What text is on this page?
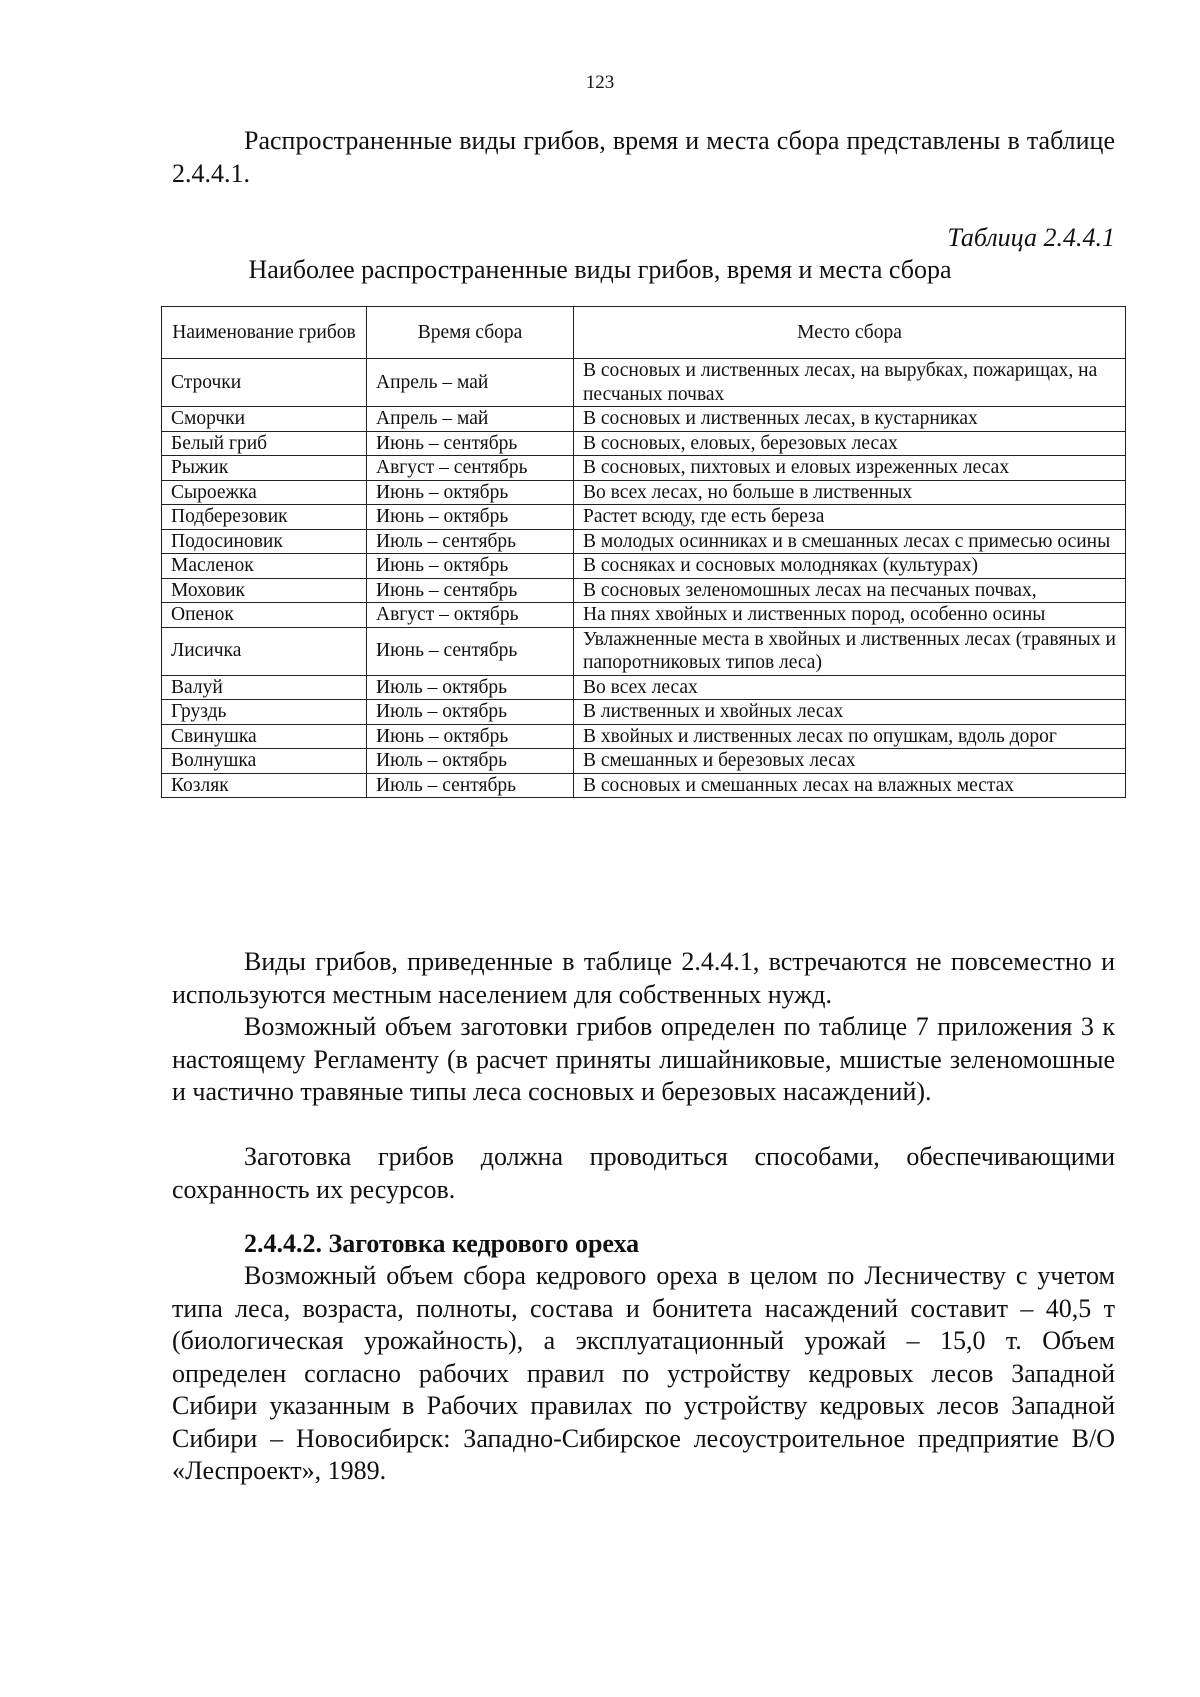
123

Распространенные виды грибов, время и места сбора представлены в таблице 2.4.4.1.

Таблица 2.4.4.1
Наиболее распространенные виды грибов, время и места сбора
Наименование грибов	Время сбора	Место сбора
Строчки	Апрель – май	В сосновых и лиственных лесах, на вырубках, пожарищах, на песчаных почвах
Сморчки	Апрель – май	В сосновых и лиственных лесах, в кустарниках
Белый гриб	Июнь – сентябрь	В сосновых, еловых, березовых лесах
Рыжик	Август – сентябрь	В сосновых, пихтовых и еловых изреженных лесах
Сыроежка	Июнь – октябрь	Во всех лесах, но больше в лиственных
Подберезовик	Июнь – октябрь	Растет всюду, где есть береза
Подосиновик	Июль – сентябрь	В молодых осинниках и в смешанных лесах с примесью осины
Масленок	Июнь – октябрь	В сосняках и сосновых молодняках (культурах)
Моховик	Июнь – сентябрь	В сосновых зеленомошных лесах на песчаных почвах,
Опенок	Август – октябрь	На пнях хвойных и лиственных пород, особенно осины
Лисичка	Июнь – сентябрь	Увлажненные места в хвойных и лиственных лесах (травяных и папоротниковых типов леса)
Валуй	Июль – октябрь	Во всех лесах
Груздь	Июль – октябрь	В лиственных и хвойных лесах
Свинушка	Июнь – октябрь	В хвойных и лиственных лесах по опушкам, вдоль дорог
Волнушка	Июль – октябрь	В смешанных и березовых лесах
Козляк	Июль – сентябрь	В сосновых и смешанных лесах на влажных местах

Виды грибов, приведенные в таблице 2.4.4.1, встречаются не повсеместно и используются местным населением для собственных нужд.

Возможный объем заготовки грибов определен по таблице 7 приложения 3 к настоящему Регламенту (в расчет приняты лишайниковые, мшистые зеленомошные и частично травяные типы леса сосновых и березовых насаждений).

Заготовка грибов должна проводиться способами, обеспечивающими сохранность их ресурсов.

2.4.4.2. Заготовка кедрового ореха

Возможный объем сбора кедрового ореха в целом по Лесничеству с учетом типа леса, возраста, полноты, состава и бонитета насаждений составит – 40,5 т (биологическая урожайность), а эксплуатационный урожай – 15,0 т. Объем определен согласно рабочих правил по устройству кедровых лесов Западной Сибири указанным в Рабочих правилах по устройству кедровых лесов Западной Сибири – Новосибирск: Западно-Сибирское лесоустроительное предприятие В/О «Леспроект», 1989.
